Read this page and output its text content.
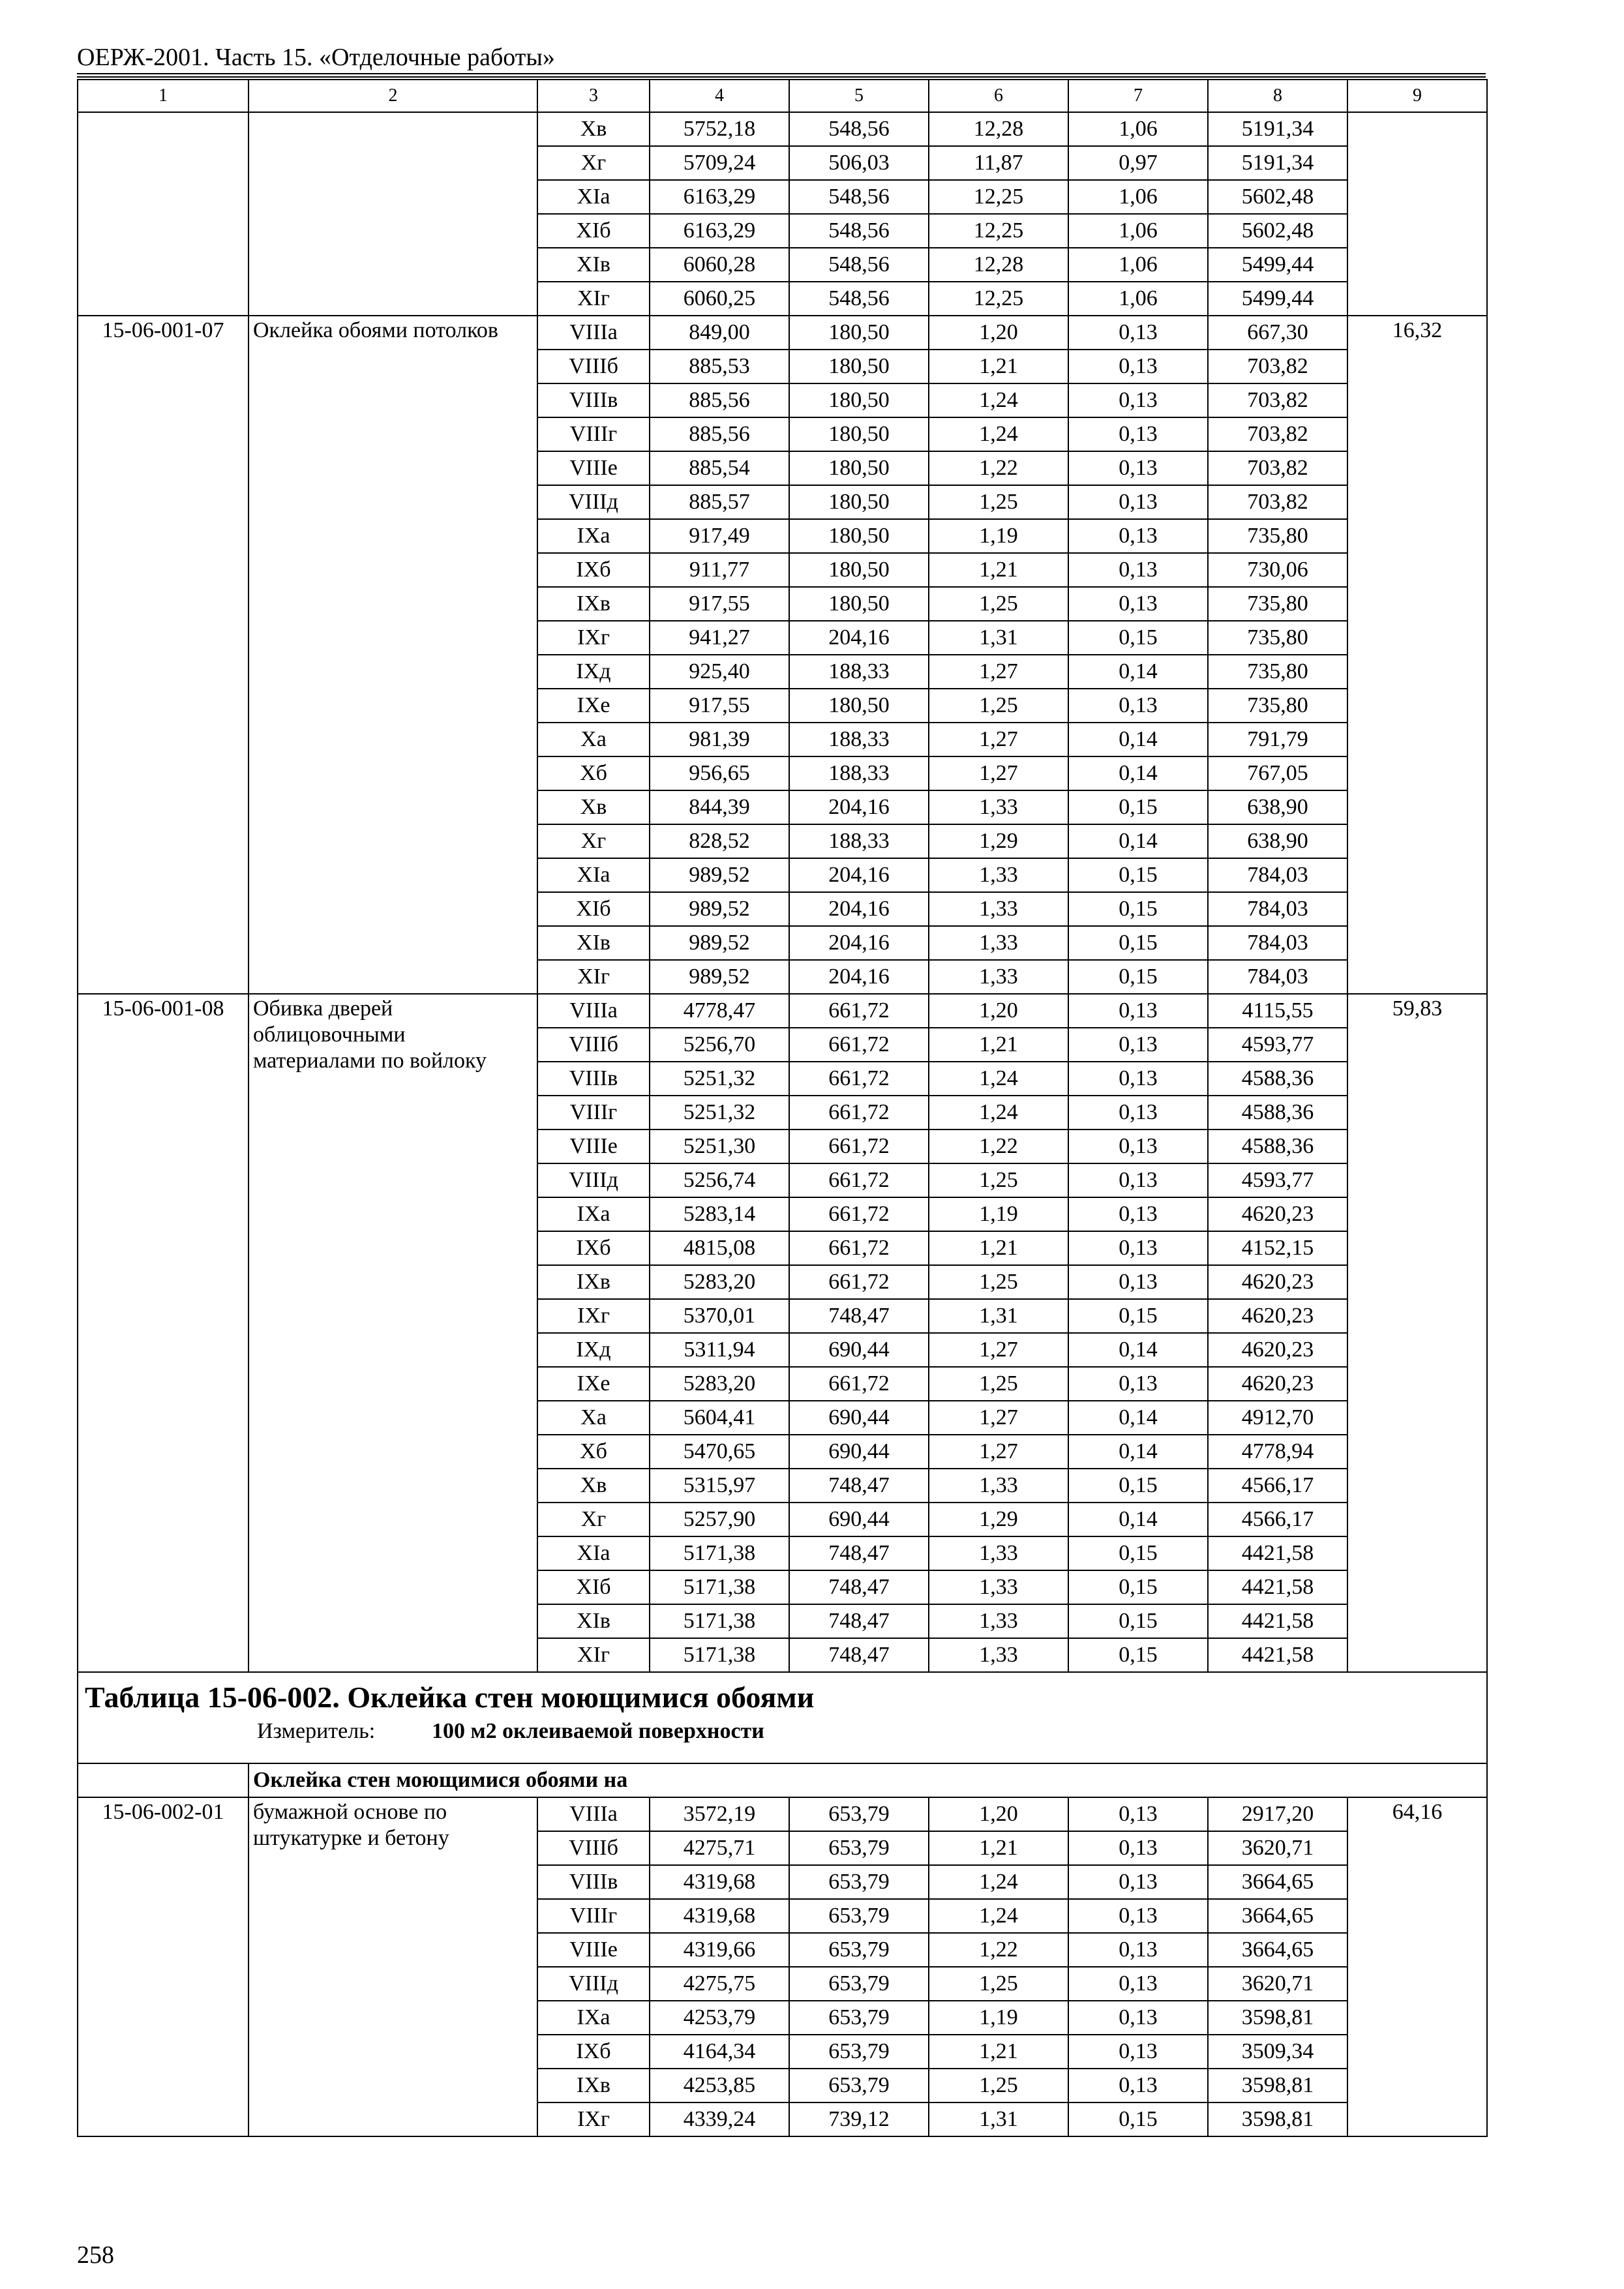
ОЕРЖ-2001. Часть 15. «Отделочные работы»
1	2	3	4	5	6	7	8	9
		Хв	5752,18	548,56	12,28	1,06	5191,34	
		Хг	5709,24	506,03	11,87	0,97	5191,34	
		ХIа	6163,29	548,56	12,25	1,06	5602,48	
		ХIб	6163,29	548,56	12,25	1,06	5602,48	
		ХIв	6060,28	548,56	12,28	1,06	5499,44	
		ХIг	6060,25	548,56	12,25	1,06	5499,44	
15-06-001-07	Оклейка обоями потолков	VIIIа	849,00	180,50	1,20	0,13	667,30	16,32
		VIIIб	885,53	180,50	1,21	0,13	703,82	
		VIIIв	885,56	180,50	1,24	0,13	703,82	
		VIIIг	885,56	180,50	1,24	0,13	703,82	
		VIIIе	885,54	180,50	1,22	0,13	703,82	
		VIIIд	885,57	180,50	1,25	0,13	703,82	
		IХа	917,49	180,50	1,19	0,13	735,80	
		IХб	911,77	180,50	1,21	0,13	730,06	
		IХв	917,55	180,50	1,25	0,13	735,80	
		IХг	941,27	204,16	1,31	0,15	735,80	
		IХд	925,40	188,33	1,27	0,14	735,80	
		IХе	917,55	180,50	1,25	0,13	735,80	
		Ха	981,39	188,33	1,27	0,14	791,79	
		Хб	956,65	188,33	1,27	0,14	767,05	
		Хв	844,39	204,16	1,33	0,15	638,90	
		Хг	828,52	188,33	1,29	0,14	638,90	
		ХIа	989,52	204,16	1,33	0,15	784,03	
		ХIб	989,52	204,16	1,33	0,15	784,03	
		ХIв	989,52	204,16	1,33	0,15	784,03	
		ХIг	989,52	204,16	1,33	0,15	784,03	
15-06-001-08	Обивка дверей облицовочными материалами по войлоку	VIIIа	4778,47	661,72	1,20	0,13	4115,55	59,83
		VIIIб	5256,70	661,72	1,21	0,13	4593,77	
		VIIIв	5251,32	661,72	1,24	0,13	4588,36	
		VIIIг	5251,32	661,72	1,24	0,13	4588,36	
		VIIIе	5251,30	661,72	1,22	0,13	4588,36	
		VIIIд	5256,74	661,72	1,25	0,13	4593,77	
		IХа	5283,14	661,72	1,19	0,13	4620,23	
		IХб	4815,08	661,72	1,21	0,13	4152,15	
		IХв	5283,20	661,72	1,25	0,13	4620,23	
		IХг	5370,01	748,47	1,31	0,15	4620,23	
		IХд	5311,94	690,44	1,27	0,14	4620,23	
		IХе	5283,20	661,72	1,25	0,13	4620,23	
		Ха	5604,41	690,44	1,27	0,14	4912,70	
		Хб	5470,65	690,44	1,27	0,14	4778,94	
		Хв	5315,97	748,47	1,33	0,15	4566,17	
		Хг	5257,90	690,44	1,29	0,14	4566,17	
		ХIа	5171,38	748,47	1,33	0,15	4421,58	
		ХIб	5171,38	748,47	1,33	0,15	4421,58	
		ХIв	5171,38	748,47	1,33	0,15	4421,58	
		ХIг	5171,38	748,47	1,33	0,15	4421,58	
Таблица 15-06-002. Оклейка стен моющимися обоями
Измеритель: 100 м2 оклеиваемой поверхности								

	Оклейка стен моющимися обоями на							
15-06-002-01	бумажной основе по штукатурке и бетону	VIIIа	3572,19	653,79	1,20	0,13	2917,20	64,16
		VIIIб	4275,71	653,79	1,21	0,13	3620,71	
		VIIIв	4319,68	653,79	1,24	0,13	3664,65	
		VIIIг	4319,68	653,79	1,24	0,13	3664,65	
		VIIIе	4319,66	653,79	1,22	0,13	3664,65	
		VIIIд	4275,75	653,79	1,25	0,13	3620,71	
		IХа	4253,79	653,79	1,19	0,13	3598,81	
		IХб	4164,34	653,79	1,21	0,13	3509,34	
		IХв	4253,85	653,79	1,25	0,13	3598,81	
		IХг	4339,24	739,12	1,31	0,15	3598,81	
258
